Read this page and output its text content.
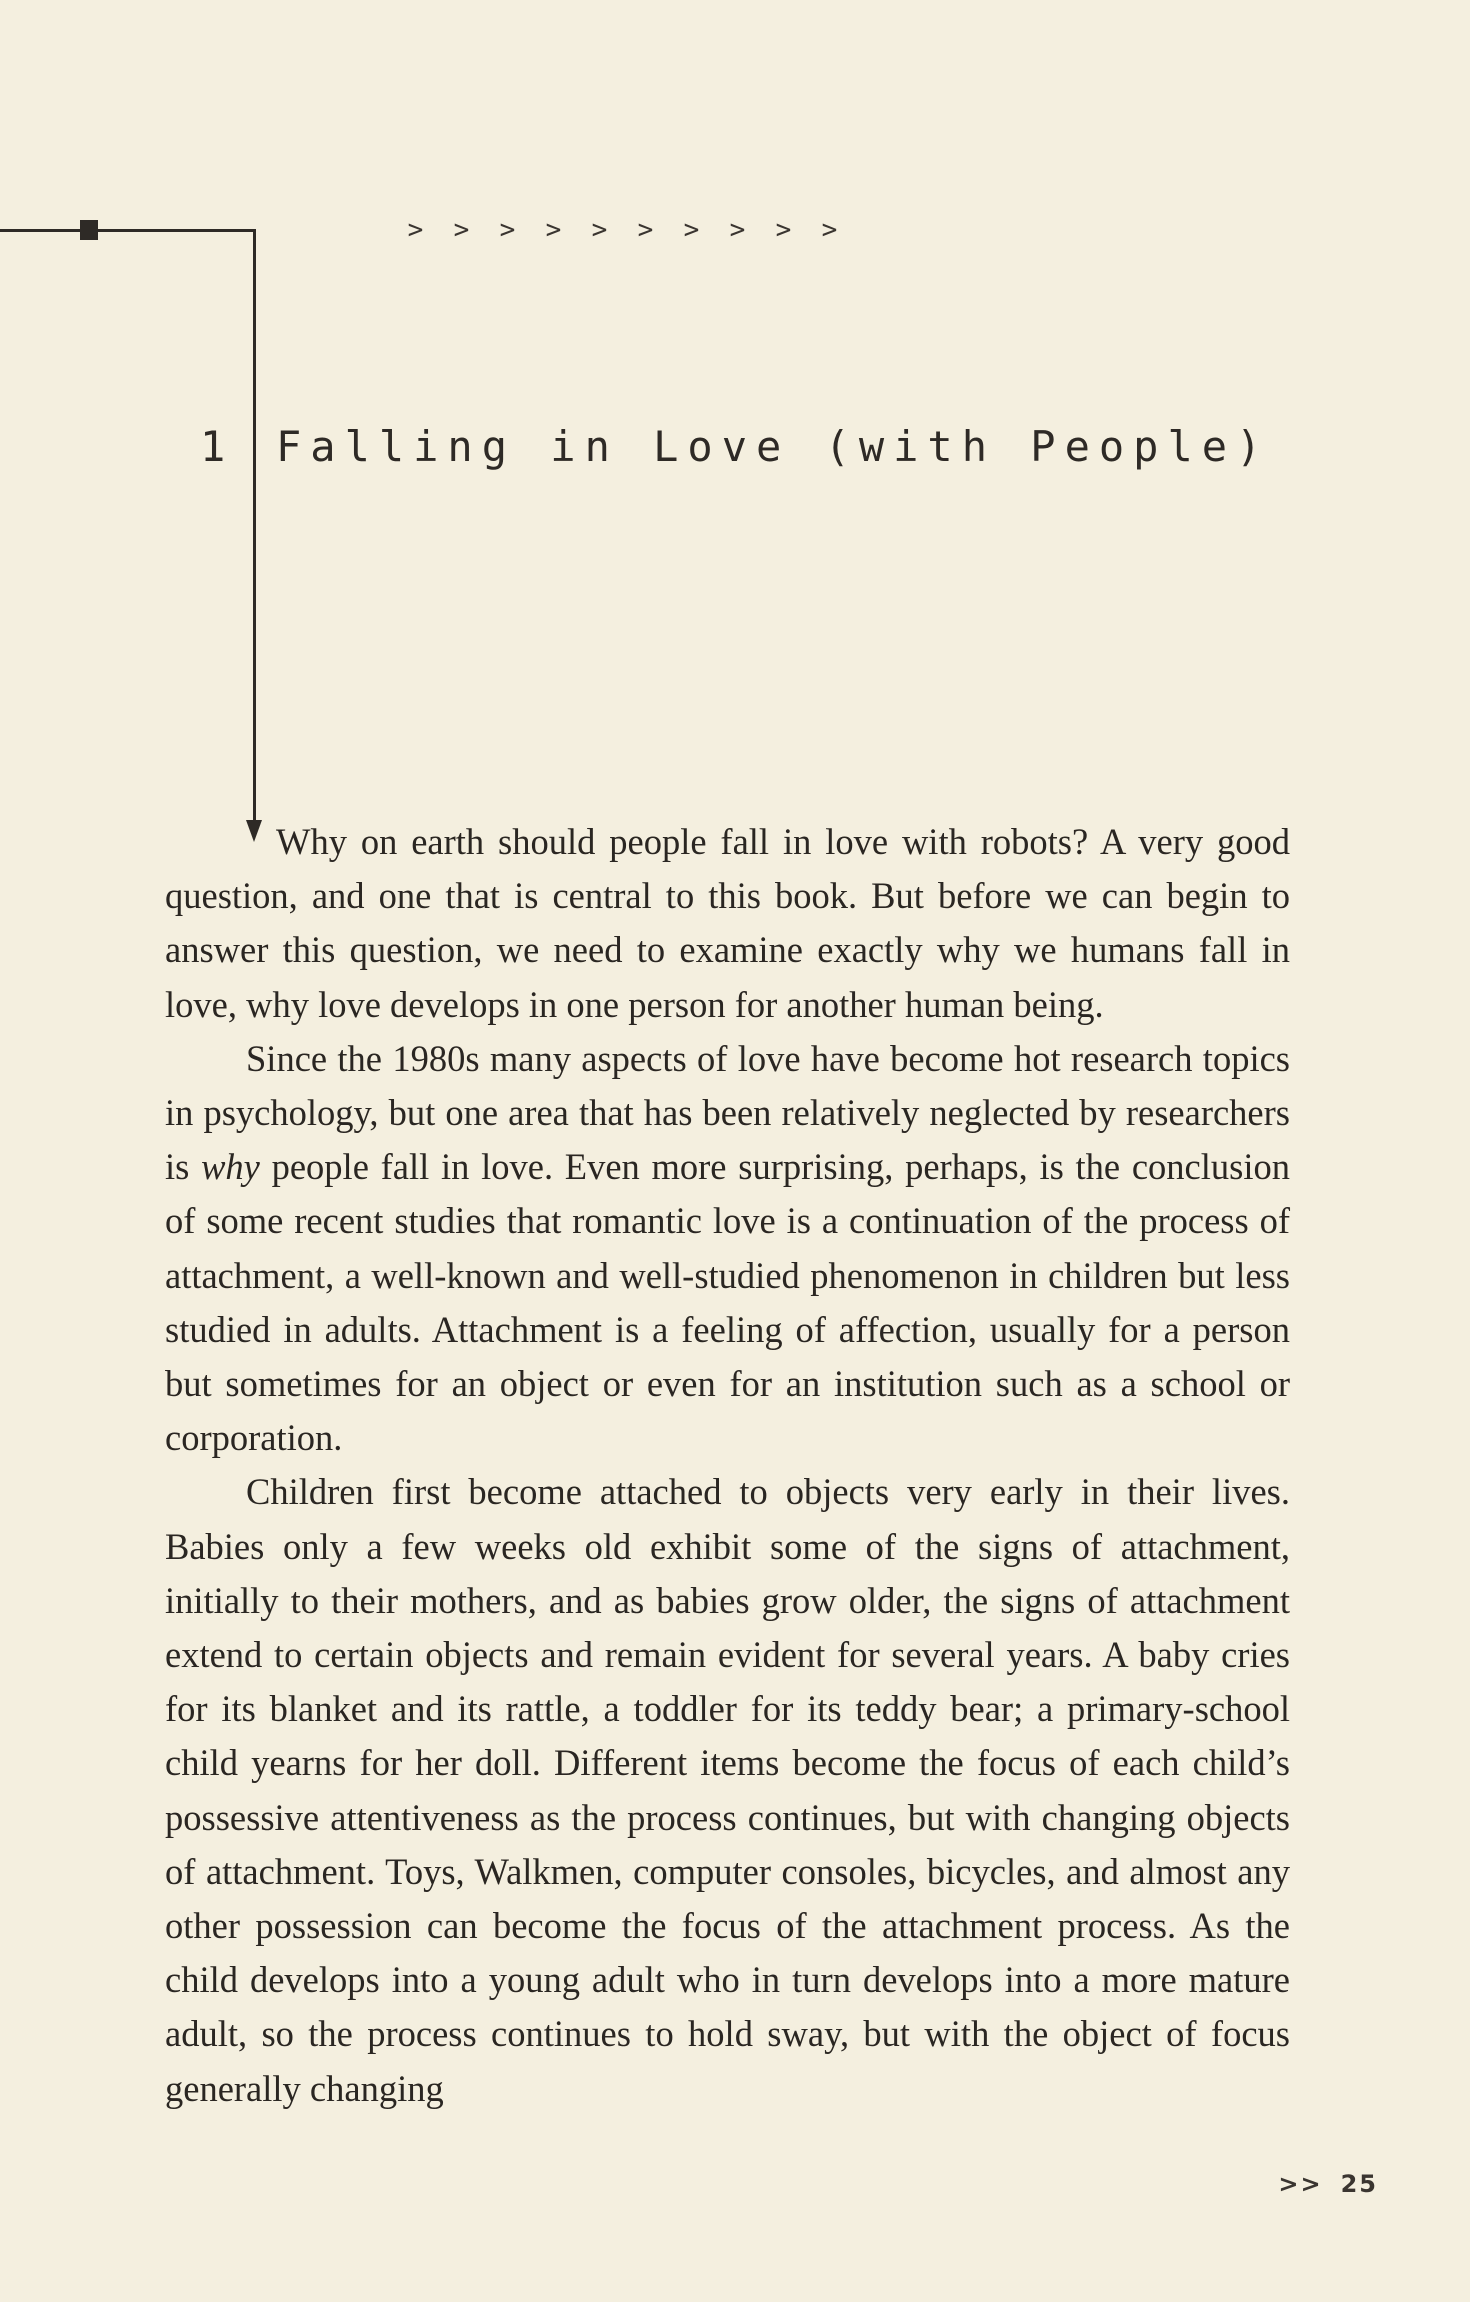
> > > > > > > > > >

1 Falling in Love (with People)

Why on earth should people fall in love with robots? A very good question, and one that is central to this book. But before we can begin to answer this question, we need to examine exactly why we humans fall in love, why love develops in one person for another human being.

Since the 1980s many aspects of love have become hot research topics in psychology, but one area that has been relatively neglected by researchers is why people fall in love. Even more surprising, perhaps, is the conclusion of some recent studies that romantic love is a continuation of the process of attachment, a well-known and well-studied phenomenon in children but less studied in adults. Attachment is a feeling of affection, usually for a person but sometimes for an object or even for an institution such as a school or corporation.

Children first become attached to objects very early in their lives. Babies only a few weeks old exhibit some of the signs of attachment, initially to their mothers, and as babies grow older, the signs of attachment extend to certain objects and remain evident for several years. A baby cries for its blanket and its rattle, a toddler for its teddy bear; a primary-school child yearns for her doll. Different items become the focus of each child’s possessive attentiveness as the process continues, but with changing objects of attachment. Toys, Walkmen, computer consoles, bicycles, and almost any other possession can become the focus of the attachment process. As the child develops into a young adult who in turn develops into a more mature adult, so the process continues to hold sway, but with the object of focus generally changing

>> 25
